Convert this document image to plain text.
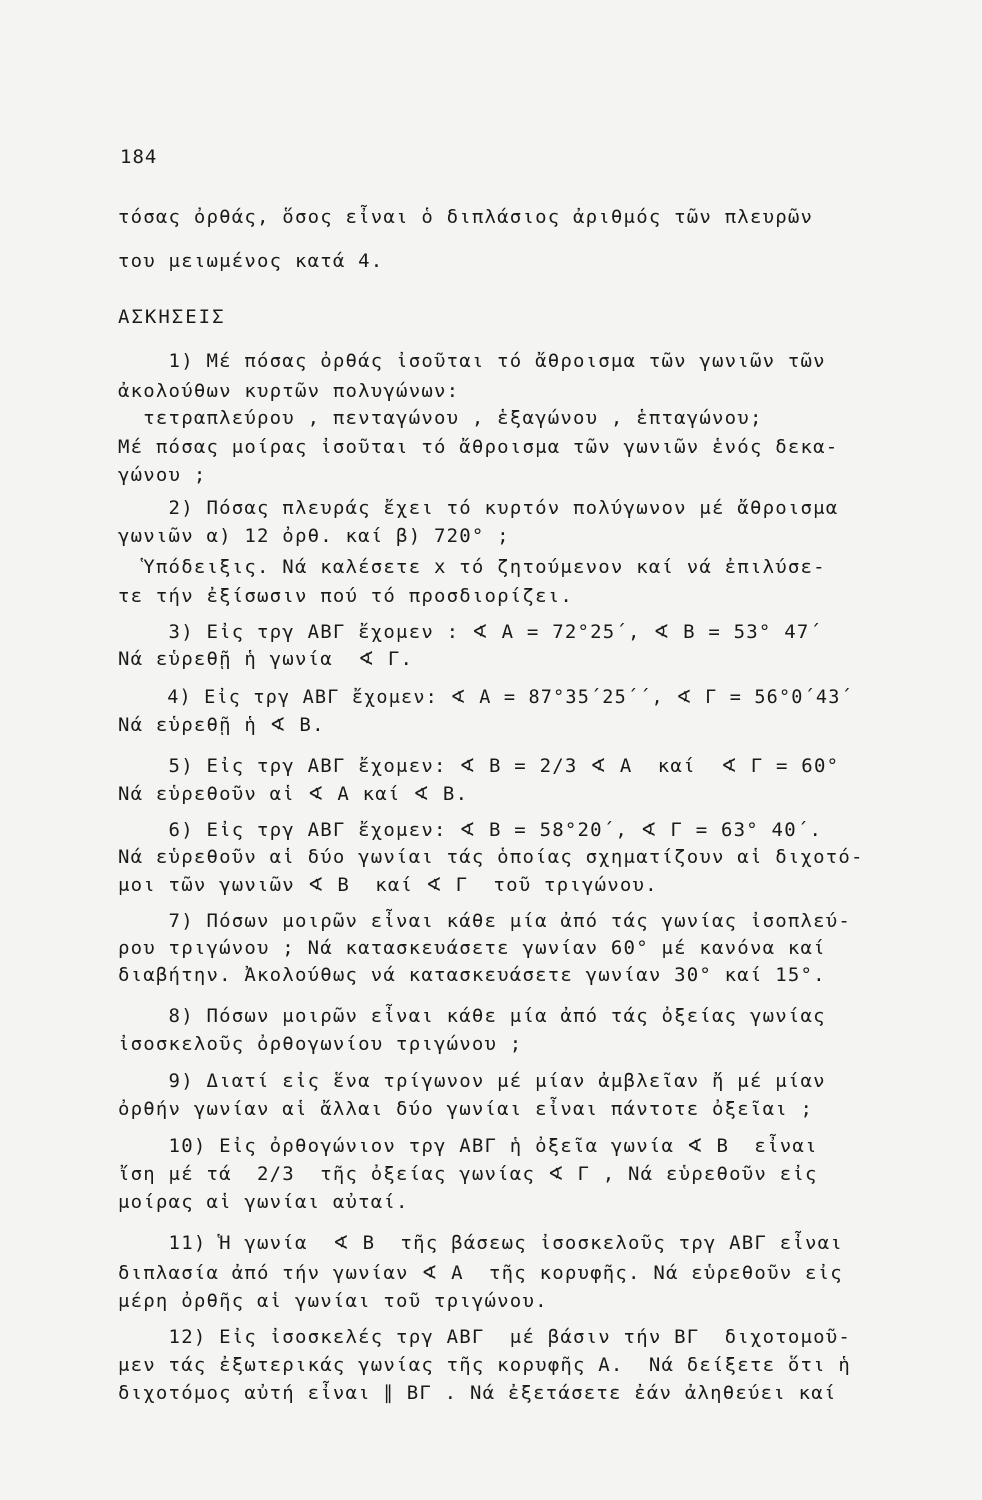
184
τόσας ὀρθάς, ὅσος εἶναι ὁ διπλάσιος ἀριθμός τῶν πλευρῶν
του μειωμένος κατά 4.
ΑΣΚΗΣΕΙΣ
1) Μέ πόσας ὀρθάς ἰσοῦται τό ἄθροισμα τῶν γωνιῶν τῶν
ἀκολούθων κυρτῶν πολυγώνων:
τετραπλεύρου , πενταγώνου , ἑξαγώνου , ἑπταγώνου;
Μέ πόσας μοίρας ἰσοῦται τό ἄθροισμα τῶν γωνιῶν ἑνός δεκα-
γώνου ;
2) Πόσας πλευράς ἔχει τό κυρτόν πολύγωνον μέ ἄθροισμα
γωνιῶν α) 12 ὀρθ. καί β) 720° ;
Ὑπόδειξις. Νά καλέσετε x τό ζητούμενον καί νά ἐπιλύσε-
τε τήν ἐξίσωσιν πού τό προσδιορίζει.
3) Εἰς τργ ΑΒΓ ἔχομεν : ∢ Α = 72°25΄, ∢ Β = 53° 47΄
Νά εὑρεθῇ ἡ γωνία  ∢ Γ.
4) Εἰς τργ ΑΒΓ ἔχομεν: ∢ Α = 87°35΄25΄΄, ∢ Γ = 56°0΄43΄
Νά εὑρεθῇ ἡ ∢ Β.
5) Εἰς τργ ΑΒΓ ἔχομεν: ∢ Β = 2/3 ∢ Α  καί  ∢ Γ = 60°
Νά εὑρεθοῦν αἱ ∢ Α καί ∢ Β.
6) Εἰς τργ ΑΒΓ ἔχομεν: ∢ Β = 58°20΄, ∢ Γ = 63° 40΄.
Νά εὑρεθοῦν αἱ δύο γωνίαι τάς ὁποίας σχηματίζουν αἱ διχοτό-
μοι τῶν γωνιῶν ∢ Β  καί ∢ Γ  τοῦ τριγώνου.
7) Πόσων μοιρῶν εἶναι κάθε μία ἀπό τάς γωνίας ἰσοπλεύ-
ρου τριγώνου ; Νά κατασκευάσετε γωνίαν 60° μέ κανόνα καί
διαβήτην. Ἀκολούθως νά κατασκευάσετε γωνίαν 30° καί 15°.
8) Πόσων μοιρῶν εἶναι κάθε μία ἀπό τάς ὀξείας γωνίας
ἰσοσκελοῦς ὀρθογωνίου τριγώνου ;
9) Διατί εἰς ἕνα τρίγωνον μέ μίαν ἀμβλεῖαν ἤ μέ μίαν
ὀρθήν γωνίαν αἱ ἄλλαι δύο γωνίαι εἶναι πάντοτε ὀξεῖαι ;
10) Εἰς ὀρθογώνιον τργ ΑΒΓ ἡ ὀξεῖα γωνία ∢ Β  εἶναι
ἴση μέ τά  2/3  τῆς ὀξείας γωνίας ∢ Γ , Νά εὑρεθοῦν εἰς
μοίρας αἱ γωνίαι αὐταί.
11) Ἡ γωνία  ∢ Β  τῆς βάσεως ἰσοσκελοῦς τργ ΑΒΓ εἶναι
διπλασία ἀπό τήν γωνίαν ∢ Α  τῆς κορυφῆς. Νά εὑρεθοῦν εἰς
μέρη ὀρθῆς αἱ γωνίαι τοῦ τριγώνου.
12) Εἰς ἰσοσκελές τργ ΑΒΓ  μέ βάσιν τήν ΒΓ  διχοτομοῦ-
μεν τάς ἐξωτερικάς γωνίας τῆς κορυφῆς Α.  Νά δείξετε ὅτι ἡ
διχοτόμος αὐτή εἶναι ∥ ΒΓ . Νά ἐξετάσετε ἐάν ἀληθεύει καί
